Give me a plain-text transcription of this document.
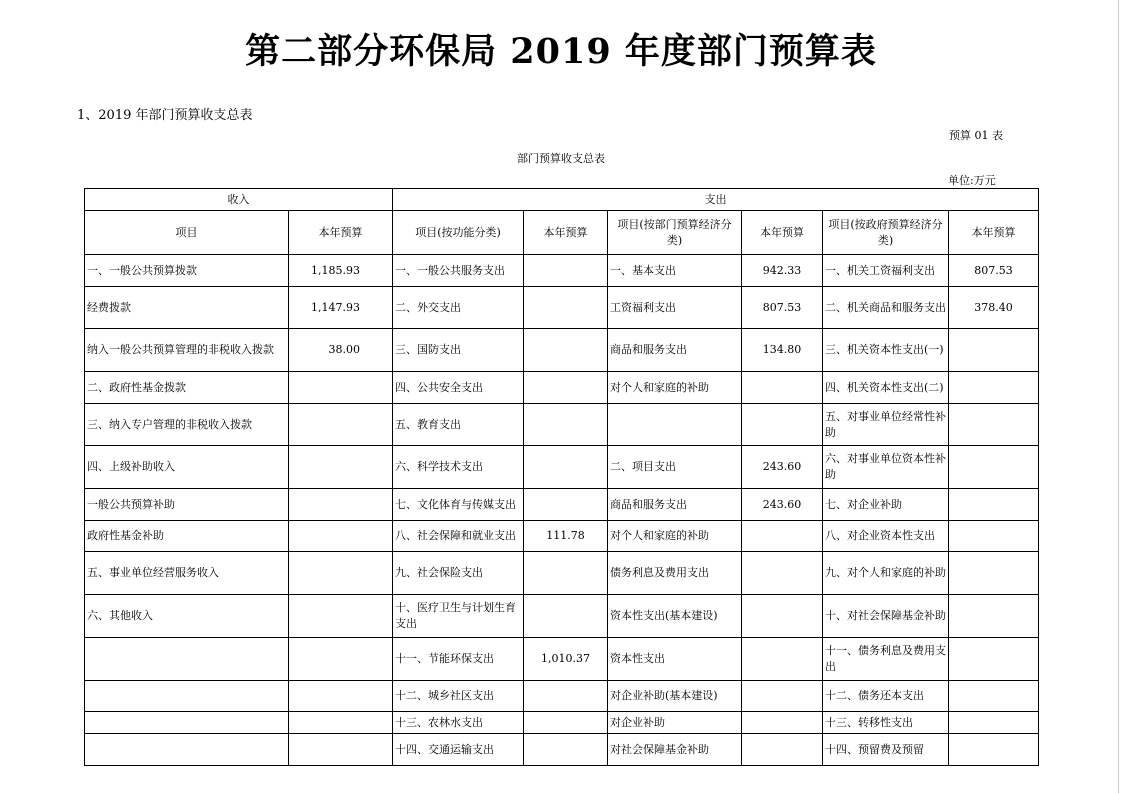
第二部分环保局 2019 年度部门预算表
1、2019 年部门预算收支总表
预算 01 表
部门预算收支总表
单位:万元
收入		支出					
项目	本年预算	项目(按功能分类)	本年预算	项目(按部门预算经济分类)	本年预算	项目(按政府预算经济分类)	本年预算
一、一般公共预算拨款	1,185.93	一、一般公共服务支出		一、基本支出	942.33	一、机关工资福利支出	807.53
经费拨款	1,147.93	二、外交支出		工资福利支出	807.53	二、机关商品和服务支出	378.40
纳入一般公共预算管理的非税收入拨款	38.00	三、国防支出		商品和服务支出	134.80	三、机关资本性支出(一)	
二、政府性基金拨款		四、公共安全支出		对个人和家庭的补助		四、机关资本性支出(二)	
三、纳入专户管理的非税收入拨款		五、教育支出				五、对事业单位经常性补助	
四、上级补助收入		六、科学技术支出		二、项目支出	243.60	六、对事业单位资本性补助	
一般公共预算补助		七、文化体育与传媒支出		商品和服务支出	243.60	七、对企业补助	
政府性基金补助		八、社会保障和就业支出	111.78	对个人和家庭的补助		八、对企业资本性支出	
五、事业单位经营服务收入		九、社会保险支出		债务利息及费用支出		九、对个人和家庭的补助	
六、其他收入		十、医疗卫生与计划生育支出		资本性支出(基本建设)		十、对社会保障基金补助	
		十一、节能环保支出	1,010.37	资本性支出		十一、债务利息及费用支出	
		十二、城乡社区支出		对企业补助(基本建设)		十二、债务还本支出	
		十三、农林水支出		对企业补助		十三、转移性支出	
		十四、交通运输支出		对社会保障基金补助		十四、预留费及预留	
